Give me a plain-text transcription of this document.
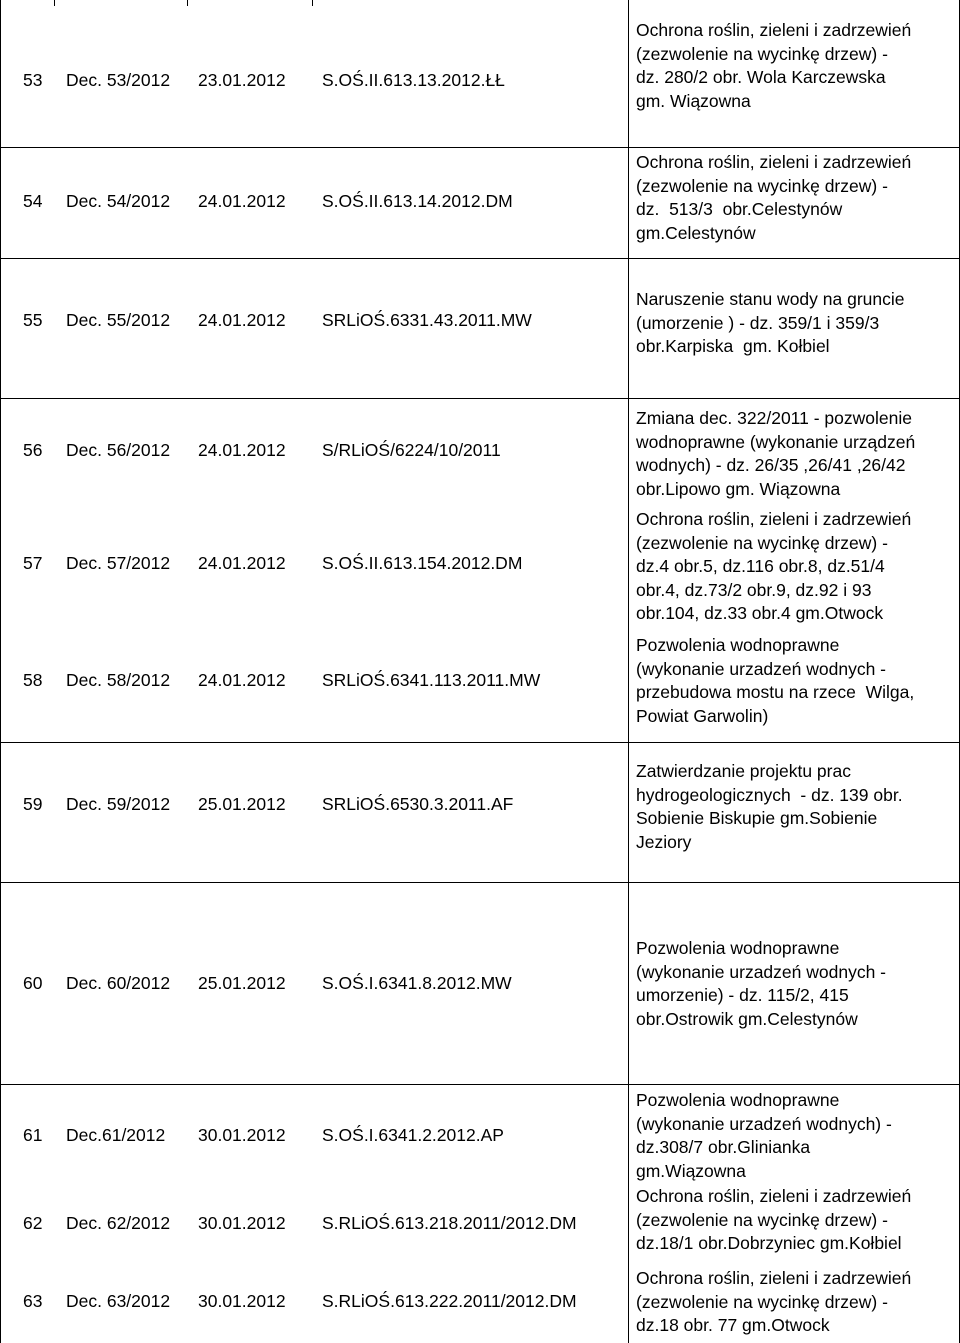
53 Dec. 53/2012 23.01.2012 S.OŚ.II.613.13.2012.ŁŁ
Ochrona roślin, zieleni i zadrzewień
(zezwolenie na wycinkę drzew) -
dz. 280/2 obr. Wola Karczewska
gm. Wiązowna
54 Dec. 54/2012 24.01.2012 S.OŚ.II.613.14.2012.DM
Ochrona roślin, zieleni i zadrzewień
(zezwolenie na wycinkę drzew) -
dz.  513/3  obr.Celestynów
gm.Celestynów
55 Dec. 55/2012 24.01.2012 SRLiOŚ.6331.43.2011.MW
Naruszenie stanu wody na gruncie
(umorzenie ) - dz. 359/1 i 359/3
obr.Karpiska  gm. Kołbiel
56 Dec. 56/2012 24.01.2012 S/RLiOŚ/6224/10/2011
Zmiana dec. 322/2011 - pozwolenie
wodnoprawne (wykonanie urządzeń
wodnych) - dz. 26/35 ,26/41 ,26/42
obr.Lipowo gm. Wiązowna
57 Dec. 57/2012 24.01.2012 S.OŚ.II.613.154.2012.DM
Ochrona roślin, zieleni i zadrzewień
(zezwolenie na wycinkę drzew) -
dz.4 obr.5, dz.116 obr.8, dz.51/4
obr.4, dz.73/2 obr.9, dz.92 i 93
obr.104, dz.33 obr.4 gm.Otwock
58 Dec. 58/2012 24.01.2012 SRLiOŚ.6341.113.2011.MW
Pozwolenia wodnoprawne
(wykonanie urzadzeń wodnych -
przebudowa mostu na rzece  Wilga,
Powiat Garwolin)
59 Dec. 59/2012 25.01.2012 SRLiOŚ.6530.3.2011.AF
Zatwierdzanie projektu prac
hydrogeologicznych  - dz. 139 obr.
Sobienie Biskupie gm.Sobienie
Jeziory
60 Dec. 60/2012 25.01.2012 S.OŚ.I.6341.8.2012.MW
Pozwolenia wodnoprawne
(wykonanie urzadzeń wodnych -
umorzenie) - dz. 115/2, 415
obr.Ostrowik gm.Celestynów
61 Dec.61/2012 30.01.2012 S.OŚ.I.6341.2.2012.AP
Pozwolenia wodnoprawne
(wykonanie urzadzeń wodnych) -
dz.308/7 obr.Glinianka
gm.Wiązowna
62 Dec. 62/2012 30.01.2012 S.RLiOŚ.613.218.2011/2012.DM
Ochrona roślin, zieleni i zadrzewień
(zezwolenie na wycinkę drzew) -
dz.18/1 obr.Dobrzyniec gm.Kołbiel
63 Dec. 63/2012 30.01.2012 S.RLiOŚ.613.222.2011/2012.DM
Ochrona roślin, zieleni i zadrzewień
(zezwolenie na wycinkę drzew) -
dz.18 obr. 77 gm.Otwock
